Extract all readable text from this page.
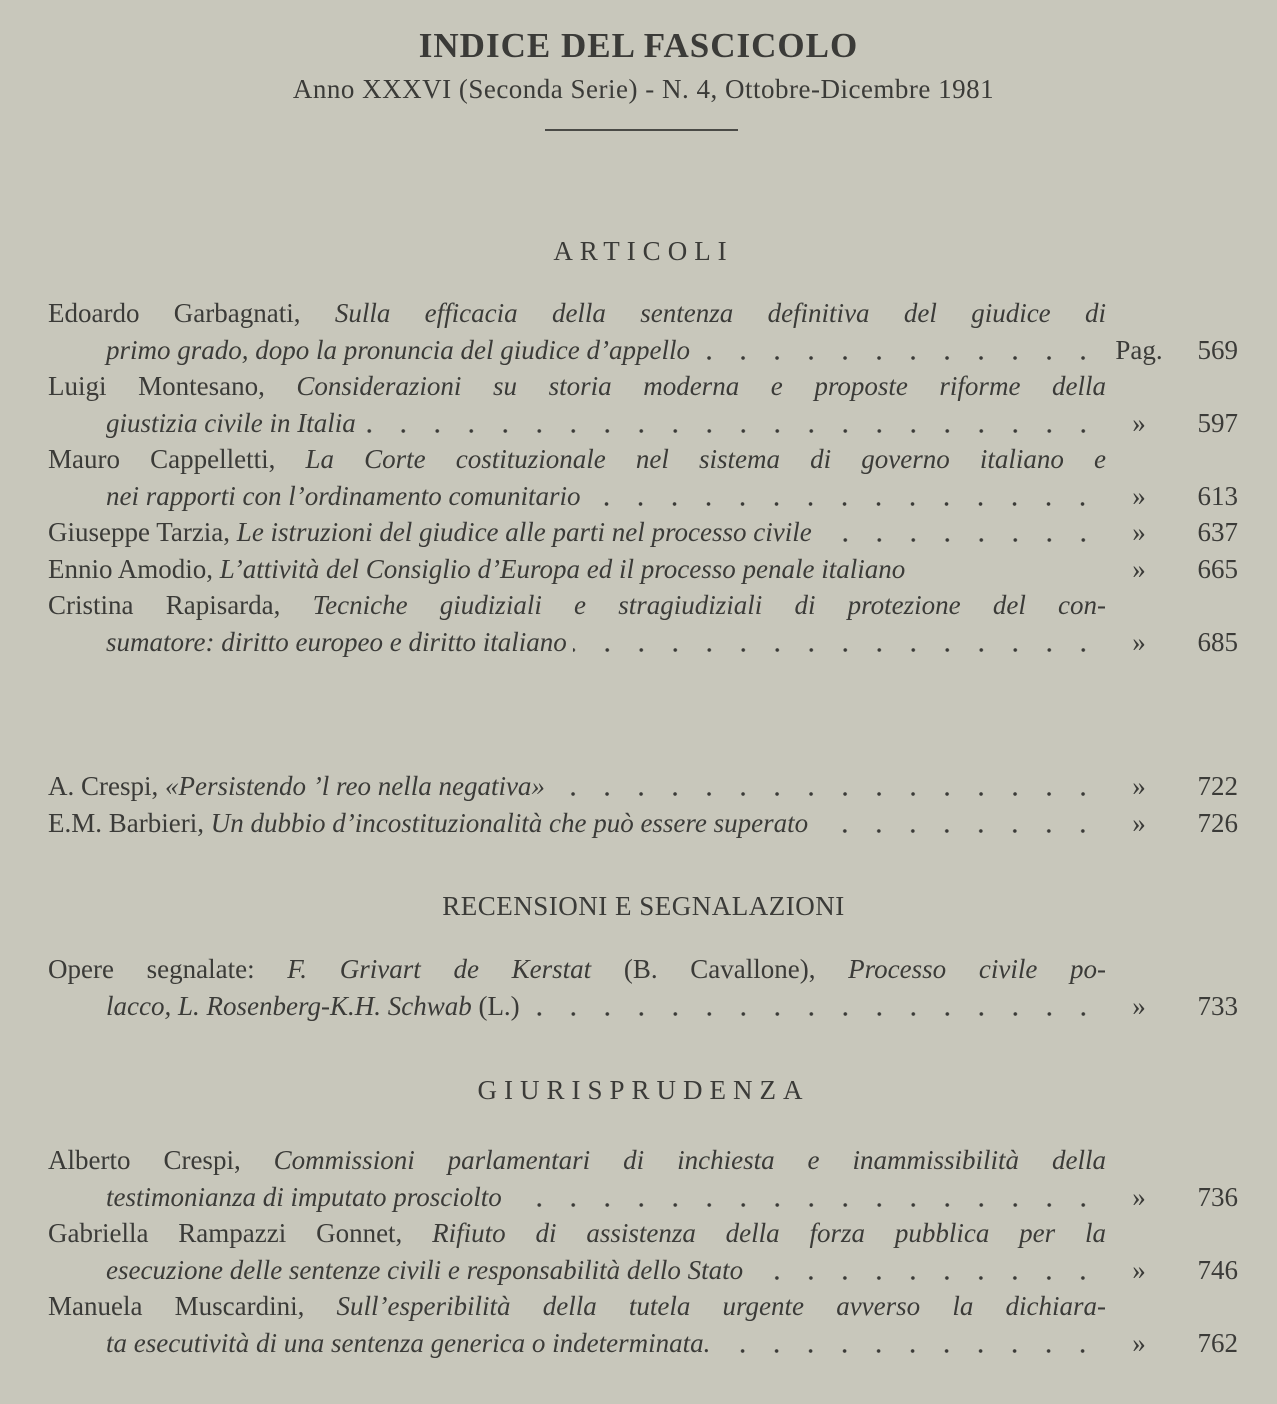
INDICE DEL FASCICOLO
Anno XXXVI (Seconda Serie) - N. 4, Ottobre-Dicembre 1981
ARTICOLI
Edoardo Garbagnati, Sulla efficacia della sentenza definitiva del giudice di
primo grado, dopo la pronuncia del giudice d’appello	Pag.	569
Luigi Montesano, Considerazioni su storia moderna e proposte riforme della
giustizia civile in Italia	»	597
Mauro Cappelletti, La Corte costituzionale nel sistema di governo italiano e
nei rapporti con l’ordinamento comunitario	»	613
Giuseppe Tarzia, Le istruzioni del giudice alle parti nel processo civile	»	637
Ennio Amodio, L’attività del Consiglio d’Europa ed il processo penale italiano	»	665
Cristina Rapisarda, Tecniche giudiziali e stragiudiziali di protezione del con-
sumatore: diritto europeo e diritto italiano	»	685
A. Crespi, «Persistendo ’l reo nella negativa»	»	722
E.M. Barbieri, Un dubbio d’incostituzionalità che può essere superato	»	726
RECENSIONI E SEGNALAZIONI
Opere segnalate: F. Grivart de Kerstat (B. Cavallone), Processo civile po-
lacco, L. Rosenberg-K.H. Schwab (L.)	»	733
GIURISPRUDENZA
Alberto Crespi, Commissioni parlamentari di inchiesta e inammissibilità della
testimonianza di imputato prosciolto	»	736
Gabriella Rampazzi Gonnet, Rifiuto di assistenza della forza pubblica per la
esecuzione delle sentenze civili e responsabilità dello Stato	»	746
Manuela Muscardini, Sull’esperibilità della tutela urgente avverso la dichiara-
ta esecutività di una sentenza generica o indeterminata.	»	762
